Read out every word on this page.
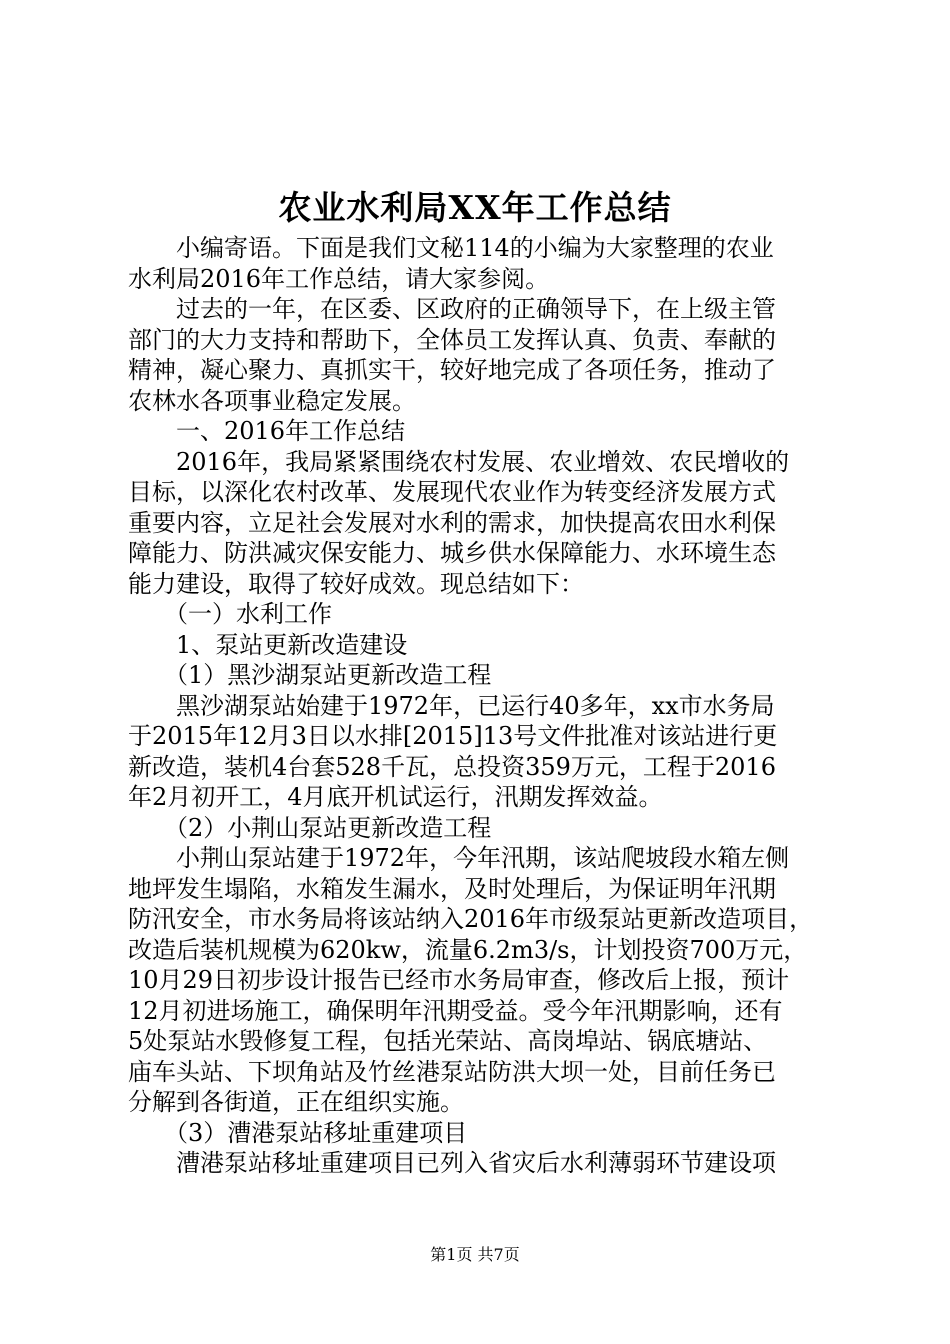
农业水利局XX年工作总结
　　小编寄语。下面是我们文秘114的小编为大家整理的农业
水利局2016年工作总结，请大家参阅。
　　过去的一年，在区委、区政府的正确领导下，在上级主管
部门的大力支持和帮助下，全体员工发挥认真、负责、奉献的
精神，凝心聚力、真抓实干，较好地完成了各项任务，推动了
农林水各项事业稳定发展。
　　一、2016年工作总结
　　2016年，我局紧紧围绕农村发展、农业增效、农民增收的
目标，以深化农村改革、发展现代农业作为转变经济发展方式
重要内容，立足社会发展对水利的需求，加快提高农田水利保
障能力、防洪减灾保安能力、城乡供水保障能力、水环境生态
能力建设，取得了较好成效。现总结如下：
　　（一）水利工作
　　1、泵站更新改造建设
　　（1）黑沙湖泵站更新改造工程
　　黑沙湖泵站始建于1972年，已运行40多年，xx市水务局
于2015年12月3日以水排[2015]13号文件批准对该站进行更
新改造，装机4台套528千瓦，总投资359万元，工程于2016
年2月初开工，4月底开机试运行，汛期发挥效益。
　　（2）小荆山泵站更新改造工程
　　小荆山泵站建于1972年，今年汛期，该站爬坡段水箱左侧
地坪发生塌陷，水箱发生漏水，及时处理后，为保证明年汛期
防汛安全，市水务局将该站纳入2016年市级泵站更新改造项目，
改造后装机规模为620kw，流量6.2m3/s，计划投资700万元，
10月29日初步设计报告已经市水务局审查，修改后上报，预计
12月初进场施工，确保明年汛期受益。受今年汛期影响，还有
5处泵站水毁修复工程，包括光荣站、高岗埠站、锅底塘站、
庙车头站、下坝角站及竹丝港泵站防洪大坝一处，目前任务已
分解到各街道，正在组织实施。
　　（3）漕港泵站移址重建项目
　　漕港泵站移址重建项目已列入省灾后水利薄弱环节建设项
第1页 共7页
